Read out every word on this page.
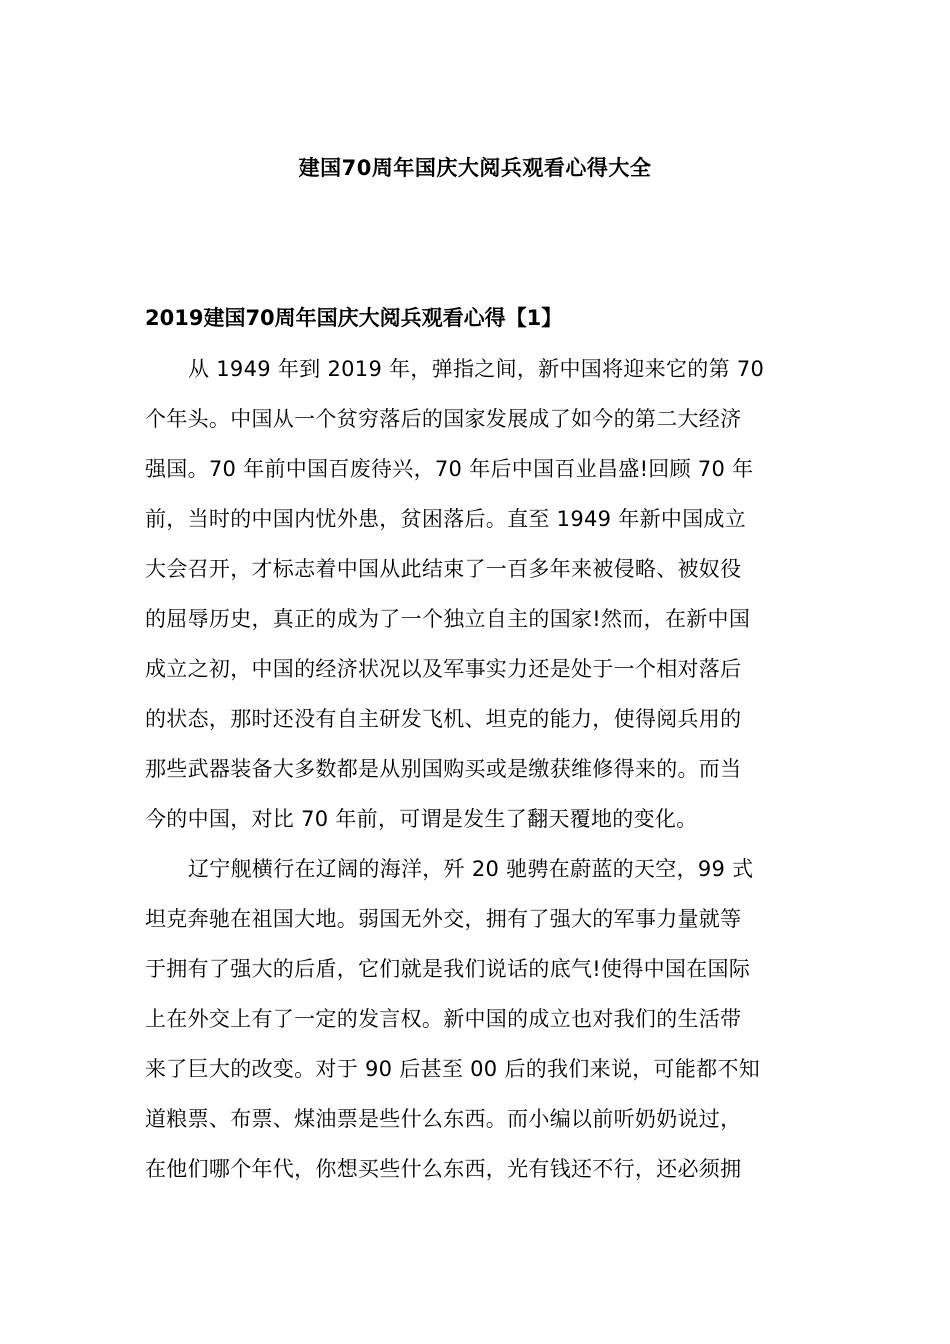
建国70周年国庆大阅兵观看心得大全
2019建国70周年国庆大阅兵观看心得【1】
从 1949 年到 2019 年，弹指之间，新中国将迎来它的第 70
个年头。中国从一个贫穷落后的国家发展成了如今的第二大经济
强国。70 年前中国百废待兴，70 年后中国百业昌盛!回顾 70 年
前，当时的中国内忧外患，贫困落后。直至 1949 年新中国成立
大会召开，才标志着中国从此结束了一百多年来被侵略、被奴役
的屈辱历史，真正的成为了一个独立自主的国家!然而，在新中国
成立之初，中国的经济状况以及军事实力还是处于一个相对落后
的状态，那时还没有自主研发飞机、坦克的能力，使得阅兵用的
那些武器装备大多数都是从别国购买或是缴获维修得来的。而当
今的中国，对比 70 年前，可谓是发生了翻天覆地的变化。
辽宁舰横行在辽阔的海洋，歼 20 驰骋在蔚蓝的天空，99 式
坦克奔驰在祖国大地。弱国无外交，拥有了强大的军事力量就等
于拥有了强大的后盾，它们就是我们说话的底气!使得中国在国际
上在外交上有了一定的发言权。新中国的成立也对我们的生活带
来了巨大的改变。对于 90 后甚至 00 后的我们来说，可能都不知
道粮票、布票、煤油票是些什么东西。而小编以前听奶奶说过，
在他们哪个年代，你想买些什么东西，光有钱还不行，还必须拥
